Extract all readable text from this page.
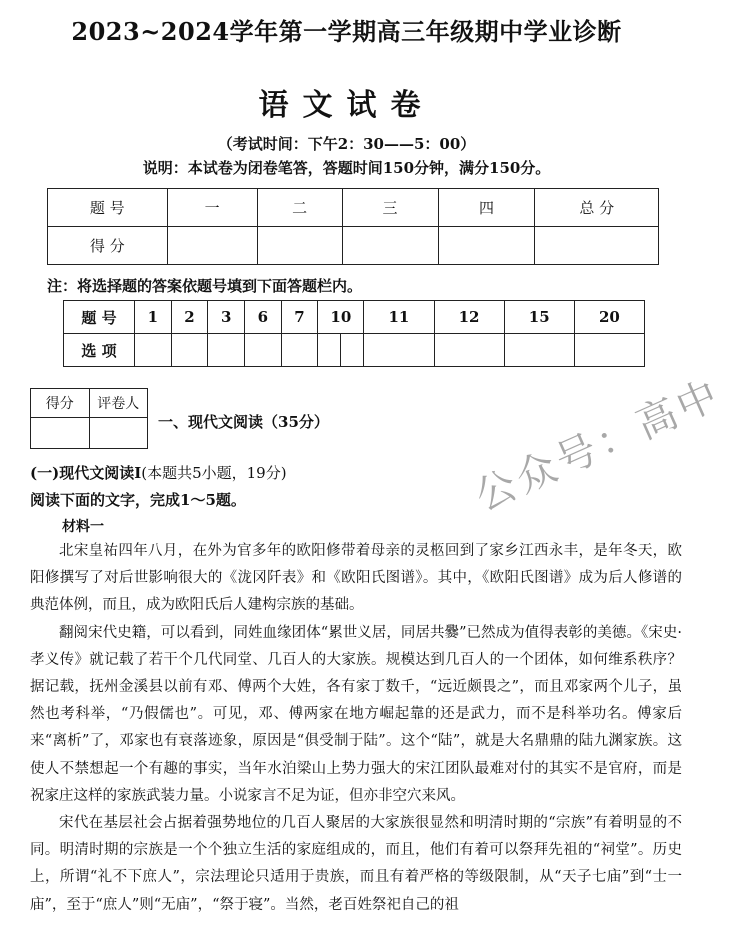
2023~2024学年第一学期高三年级期中学业诊断
语文试卷
（考试时间：下午2：30——5：00）
说明：本试卷为闭卷笔答，答题时间150分钟，满分150分。
题 号	一	二	三	四	总 分
得 分					
注：将选择题的答案依题号填到下面答题栏内。
题 号	1	2	3	6	7	10		11	12	15	20
选 项											
得分	评卷人

一、现代文阅读（35分）
(一)现代文阅读Ⅰ(本题共5小题，19分)
阅读下面的文字，完成1～5题。
材料一

北宋皇祐四年八月，在外为官多年的欧阳修带着母亲的灵柩回到了家乡江西永丰，是年冬天，欧阳修撰写了对后世影响很大的《泷冈阡表》和《欧阳氏图谱》。其中，《欧阳氏图谱》成为后人修谱的典范体例，而且，成为欧阳氏后人建构宗族的基础。

翻阅宋代史籍，可以看到，同姓血缘团体“累世义居，同居共爨”已然成为值得表彰的美德。《宋史·孝义传》就记载了若干个几代同堂、几百人的大家族。规模达到几百人的一个团体，如何维系秩序？据记载，抚州金溪县以前有邓、傅两个大姓，各有家丁数千，“远近颇畏之”，而且邓家两个儿子，虽然也考科举，“乃假儒也”。可见，邓、傅两家在地方崛起靠的还是武力，而不是科举功名。傅家后来“离析”了，邓家也有衰落迹象，原因是“俱受制于陆”。这个“陆”，就是大名鼎鼎的陆九渊家族。这使人不禁想起一个有趣的事实，当年水泊梁山上势力强大的宋江团队最难对付的其实不是官府，而是祝家庄这样的家族武装力量。小说家言不足为证，但亦非空穴来风。

宋代在基层社会占据着强势地位的几百人聚居的大家族很显然和明清时期的“宗族”有着明显的不同。明清时期的宗族是一个个独立生活的家庭组成的，而且，他们有着可以祭拜先祖的“祠堂”。历史上，所谓“礼不下庶人”，宗法理论只适用于贵族，而且有着严格的等级限制，从“天子七庙”到“士一庙”，至于“庶人”则“无庙”，“祭于寝”。当然，老百姓祭祀自己的祖

公众号：高中
